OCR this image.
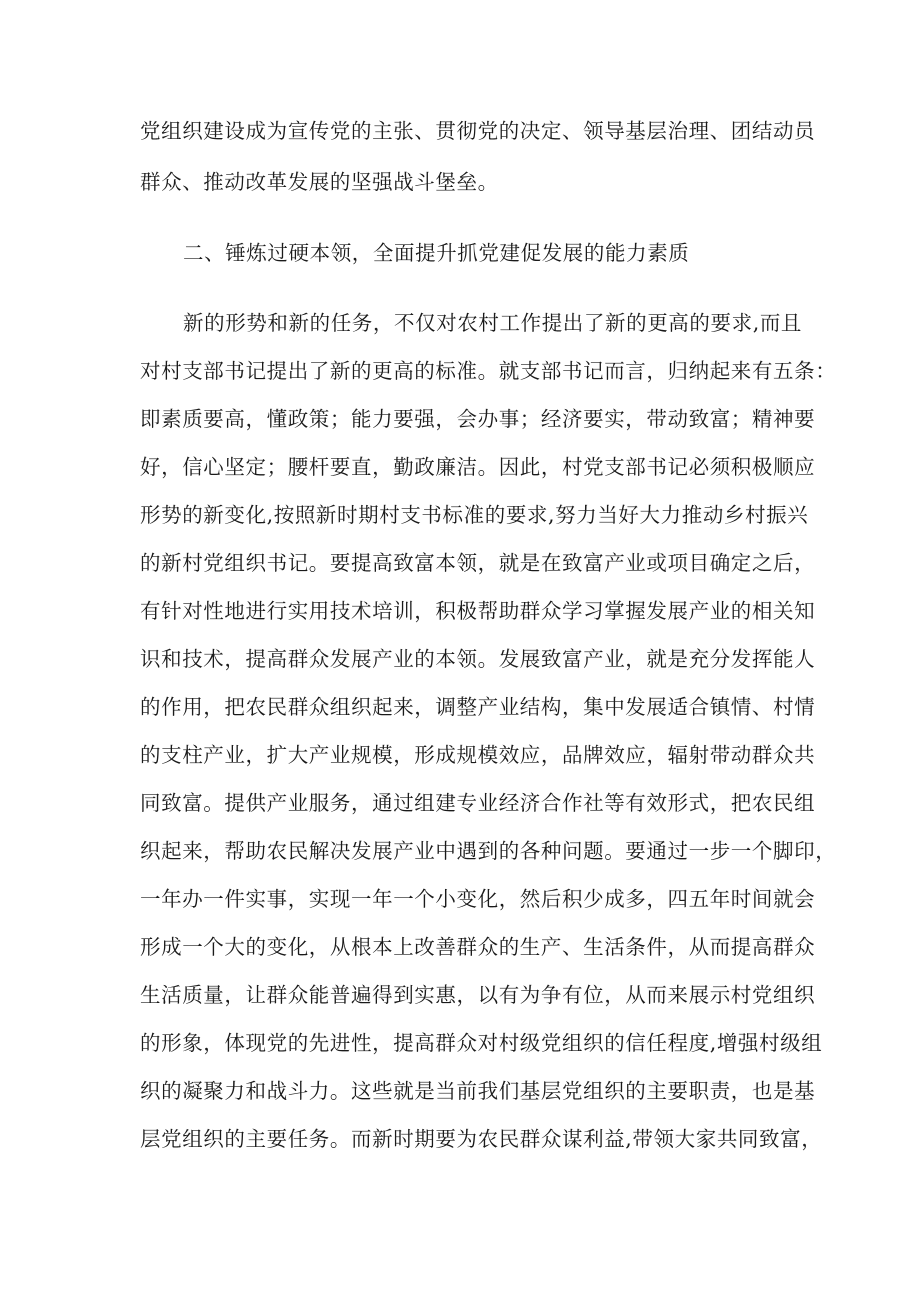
党组织建设成为宣传党的主张、贯彻党的决定、领导基层治理、团结动员
群众、推动改革发展的坚强战斗堡垒。
二、锤炼过硬本领，全面提升抓党建促发展的能力素质
新的形势和新的任务，不仅对农村工作提出了新的更高的要求,而且
对村支部书记提出了新的更高的标准。就支部书记而言，归纳起来有五条：
即素质要高，懂政策；能力要强，会办事；经济要实，带动致富；精神要
好，信心坚定；腰杆要直，勤政廉洁。因此，村党支部书记必须积极顺应
形势的新变化,按照新时期村支书标准的要求,努力当好大力推动乡村振兴
的新村党组织书记。要提高致富本领，就是在致富产业或项目确定之后，
有针对性地进行实用技术培训，积极帮助群众学习掌握发展产业的相关知
识和技术，提高群众发展产业的本领。发展致富产业，就是充分发挥能人
的作用，把农民群众组织起来，调整产业结构，集中发展适合镇情、村情
的支柱产业，扩大产业规模，形成规模效应，品牌效应，辐射带动群众共
同致富。提供产业服务，通过组建专业经济合作社等有效形式，把农民组
织起来，帮助农民解决发展产业中遇到的各种问题。要通过一步一个脚印，
一年办一件实事，实现一年一个小变化，然后积少成多，四五年时间就会
形成一个大的变化，从根本上改善群众的生产、生活条件，从而提高群众
生活质量，让群众能普遍得到实惠，以有为争有位，从而来展示村党组织
的形象，体现党的先进性，提高群众对村级党组织的信任程度,增强村级组
织的凝聚力和战斗力。这些就是当前我们基层党组织的主要职责，也是基
层党组织的主要任务。而新时期要为农民群众谋利益,带领大家共同致富，
